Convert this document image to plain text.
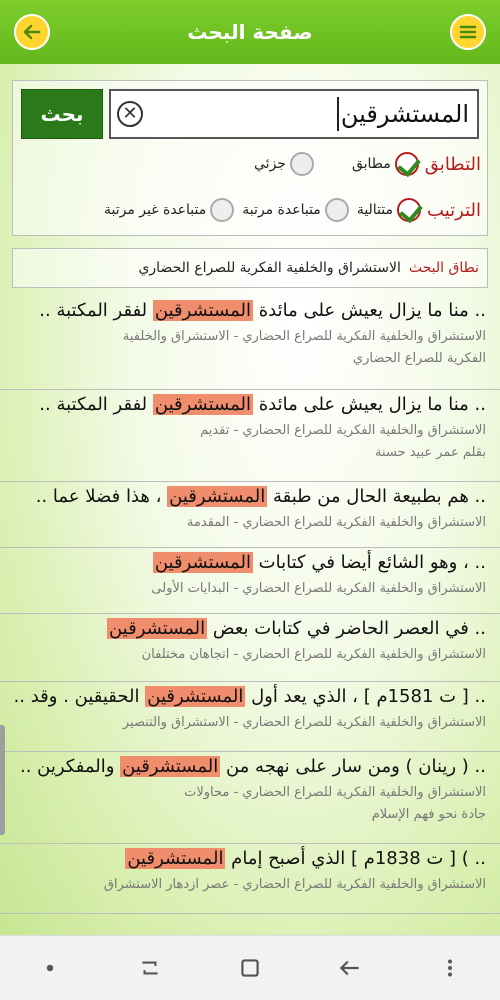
صفحة البحث
بحث	المستشرقين
✕
التطابق
مطابق
جزئي
الترتيب
متتالية
متباعدة مرتبة
متباعدة غير مرتبة
نطاق البحث
الاستشراق والخلفية الفكرية للصراع الحضاري
.. منا ما يزال يعيش على مائدة المستشرقين لفقر المكتبة ..
الاستشراق والخلفية الفكرية للصراع الحضاري - الاستشراق والخلفية
الفكرية للصراع الحضاري
.. منا ما يزال يعيش على مائدة المستشرقين لفقر المكتبة ..
الاستشراق والخلفية الفكرية للصراع الحضاري - تقديم
بقلم عمر عبيد حسنة
.. هم بطبيعة الحال من طبقة المستشرقين ، هذا فضلا عما ..
الاستشراق والخلفية الفكرية للصراع الحضاري - المقدمة
.. ، وهو الشائع أيضا في كتابات المستشرقين
الاستشراق والخلفية الفكرية للصراع الحضاري - البدايات الأولى
.. في العصر الحاضر في كتابات بعض المستشرقين
الاستشراق والخلفية الفكرية للصراع الحضاري - اتجاهان مختلفان
.. [ ت 1581م ] ، الذي يعد أول المستشرقين الحقيقين . وقد ..
الاستشراق والخلفية الفكرية للصراع الحضاري - الاستشراق والتنصير
.. ( رينان ) ومن سار على نهجه من المستشرقين والمفكرين ..
الاستشراق والخلفية الفكرية للصراع الحضاري - محاولات
جادة نحو فهم الإسلام
.. ) [ ت 1838م ] الذي أصبح إمام المستشرقين
الاستشراق والخلفية الفكرية للصراع الحضاري - عصر ازدهار الاستشراق
